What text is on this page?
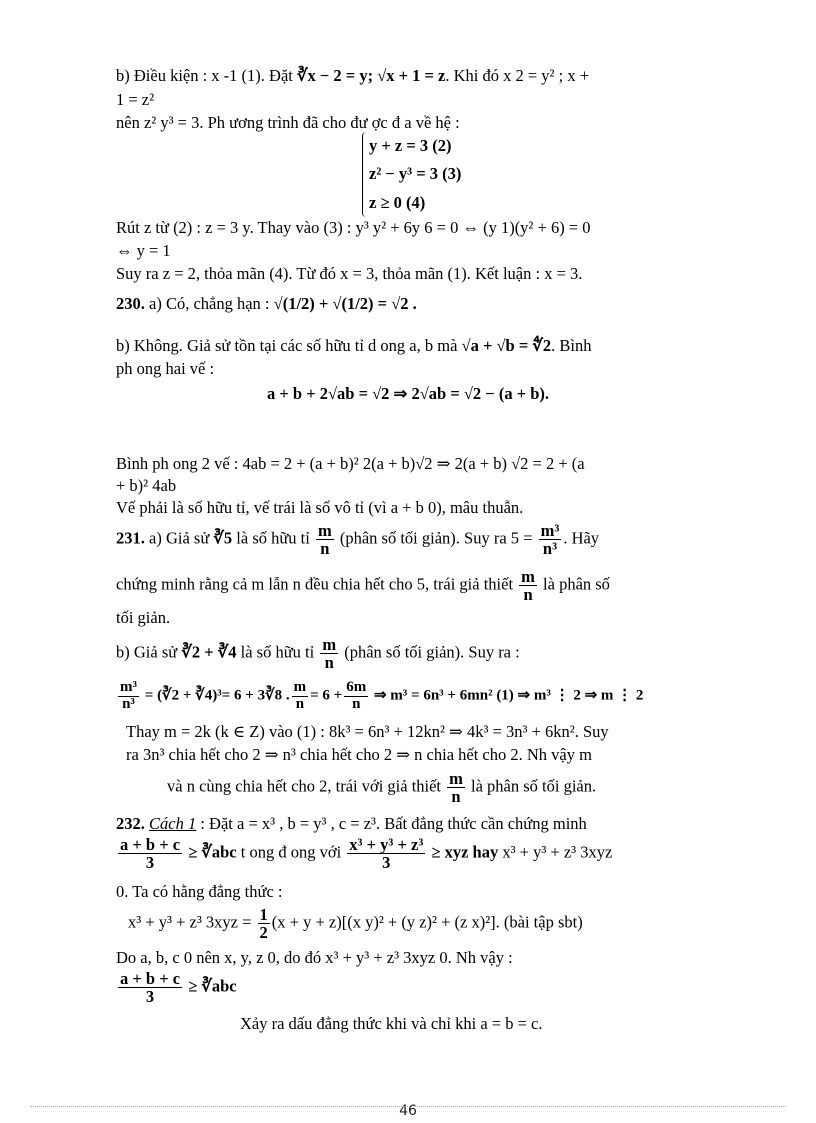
b) Điều kiện : x -1 (1). Đặt ∛x − 2 = y; √x + 1 = z. Khi đó x 2 = y² ; x +
1 = z²
nên z² y³ = 3. Ph ương trình đã cho đư ợc đ a về hệ :
y + z = 3 (2)
z² − y³ = 3 (3)
z ≥ 0 (4)
Rút z từ (2) : z = 3 y. Thay vào (3) : y³ y² + 6y 6 = 0 ⇔ (y 1)(y² + 6) = 0
⇔ y = 1
Suy ra z = 2, thỏa mãn (4). Từ đó x = 3, thỏa mãn (1). Kết luận : x = 3.
230. a) Có, chẳng hạn : √(1/2) + √(1/2) = √2 .
b) Không. Giả sử tồn tại các số hữu tỉ d ong a, b mà √a + √b = ∜2. Bình
ph ong hai vế :
a + b + 2√ab = √2 ⇒ 2√ab = √2 − (a + b).
Bình ph ong 2 vế : 4ab = 2 + (a + b)² 2(a + b)√2 ⇒ 2(a + b) √2 = 2 + (a
+ b)² 4ab
Vế phải là số hữu tỉ, vế trái là số vô tỉ (vì a + b 0), mâu thuẫn.
231. a) Giả sử ∛5 là số hữu tỉ $\frac{m}{n}$ (phân số tối giản). Suy ra $5 = \frac{\text{m³}}{\text{n³}}$ . Hãy
chứng minh rằng cả m lẫn n đều chia hết cho 5, trái giả thiết $\frac{m}{n}$ là phân số
tối giản.
b) Giả sử ∛2 + ∛4 là số hữu tỉ $\frac{m}{n}$ (phân số tối giản). Suy ra :
$\frac{\text{m³}}{\text{n³}}$ = (∛2 + ∛4)³= 6 + 3∛8 . $\frac{m}{n} = 6 + \frac{6m}{n}$ ⇒ m³ = 6n³ + 6mn² (1) ⇒ m³ ⋮ 2 ⇒ m ⋮ 2
Thay m = 2k (k ∈ Z) vào (1) : 8k³ = 6n³ + 12kn² ⇒ 4k³ = 3n³ + 6kn². Suy
ra 3n³ chia hết cho 2 ⇒ n³ chia hết cho 2 ⇒ n chia hết cho 2. Nh vậy m
và n cùng chia hết cho 2, trái với giả thiết $\frac{m}{n}$ là phân số tối giản.
232. Cách 1 : Đặt a = x³ , b = y³ , c = z³. Bất đẳng thức cần chứng minh
$\frac{a + b + c}{3}$ ≥ ∛abc t ong đ ong với $\frac{\text{x³ + y³ + z³}}{3}$ ≥ xyz hay x³ + y³ + z³ 3xyz
0. Ta có hằng đẳng thức :
x³ + y³ + z³ $3xyz = \frac{1}{2} (x + y + z)[(x$ y)² + (y z)² + (z x)²]. (bài tập sbt)
Do a, b, c 0 nên x, y, z 0, do đó x³ + y³ + z³ 3xyz 0. Nh vậy :
$\frac{a + b + c}{3}$ ≥ ∛abc
Xảy ra dấu đẳng thức khi và chỉ khi a = b = c.
46
